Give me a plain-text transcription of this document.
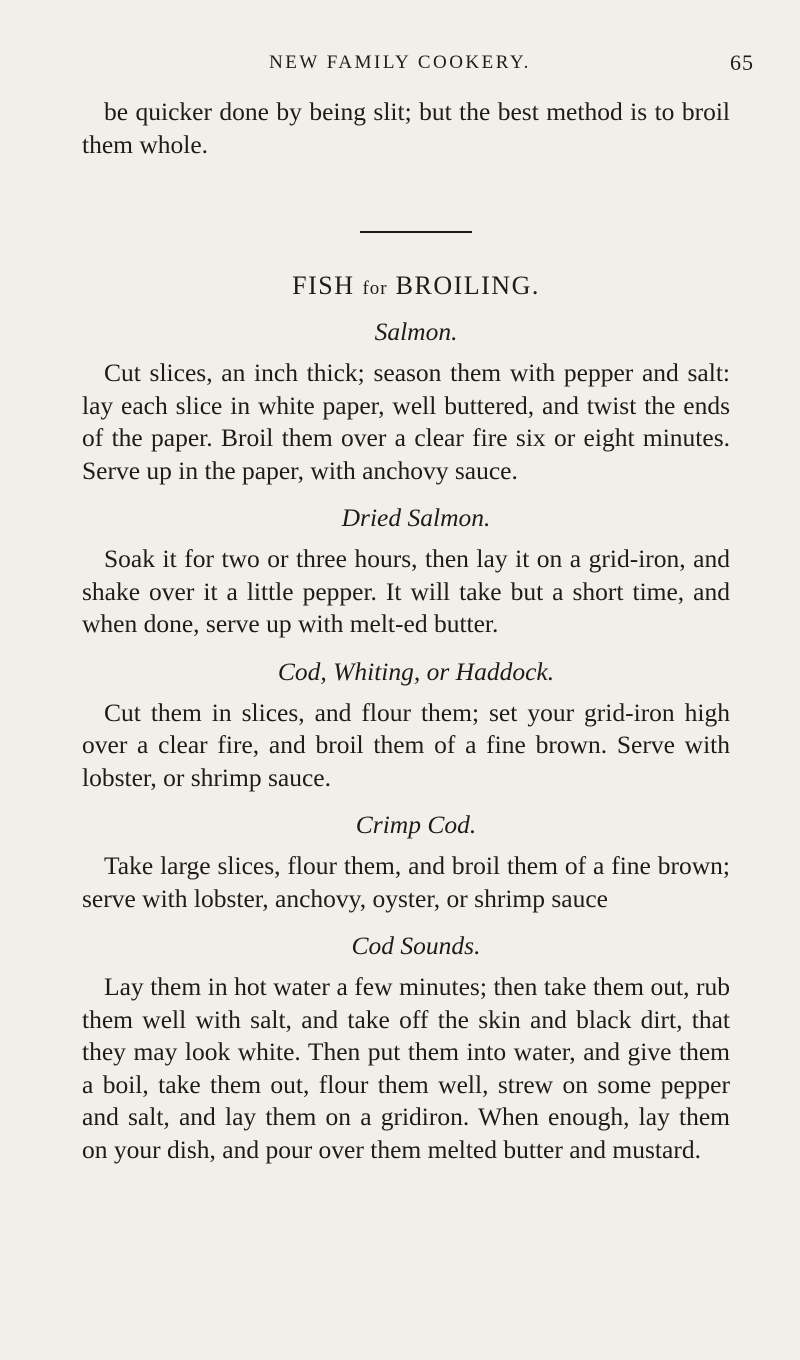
NEW FAMILY COOKERY.	65

be quicker done by being slit; but the best method is to broil them whole.

FISH for BROILING.
Salmon.

Cut slices, an inch thick; season them with pepper and salt: lay each slice in white paper, well buttered, and twist the ends of the paper. Broil them over a clear fire six or eight minutes. Serve up in the paper, with anchovy sauce.

Dried Salmon.

Soak it for two or three hours, then lay it on a grid-iron, and shake over it a little pepper. It will take but a short time, and when done, serve up with melt-ed butter.

Cod, Whiting, or Haddock.

Cut them in slices, and flour them; set your grid-iron high over a clear fire, and broil them of a fine brown. Serve with lobster, or shrimp sauce.

Crimp Cod.

Take large slices, flour them, and broil them of a fine brown; serve with lobster, anchovy, oyster, or shrimp sauce

Cod Sounds.

Lay them in hot water a few minutes; then take them out, rub them well with salt, and take off the skin and black dirt, that they may look white. Then put them into water, and give them a boil, take them out, flour them well, strew on some pepper and salt, and lay them on a gridiron. When enough, lay them on your dish, and pour over them melted butter and mustard.
